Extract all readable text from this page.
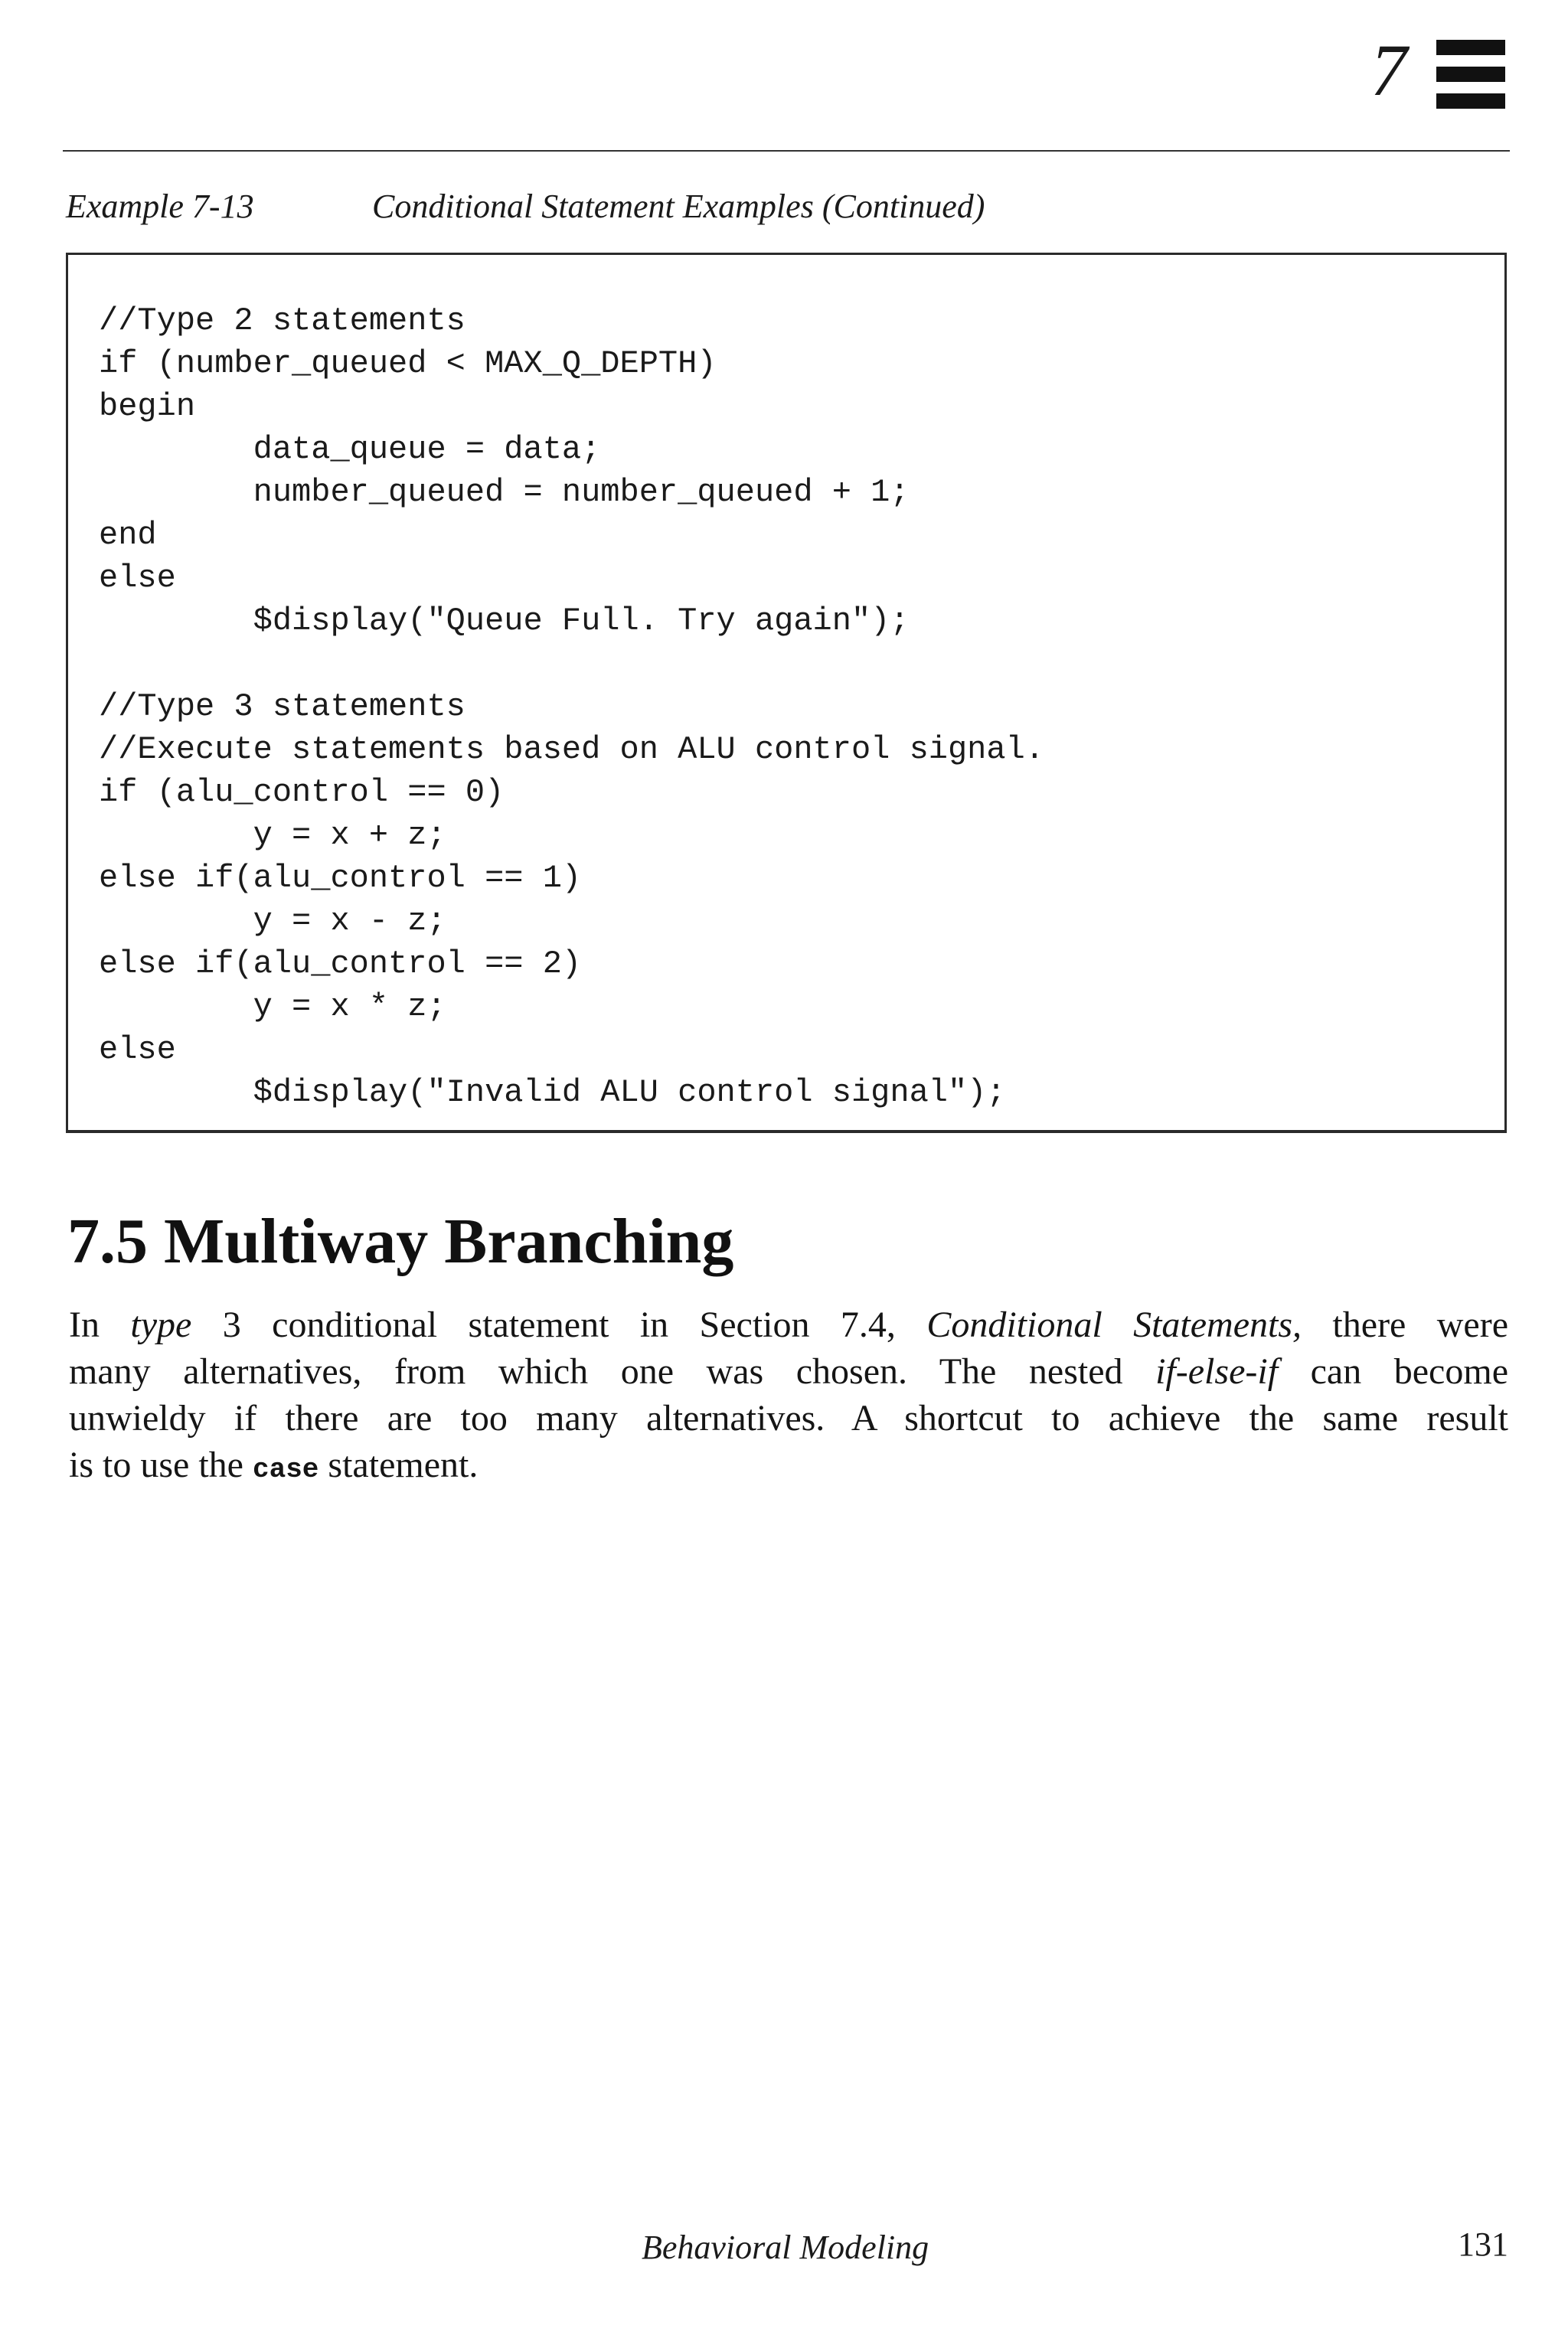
7
Example 7-13	Conditional Statement Examples (Continued)
//Type 2 statements
if (number_queued < MAX_Q_DEPTH)
begin
data_queue = data;
number_queued = number_queued + 1;
end
else
$display("Queue Full. Try again");
//Type 3 statements
//Execute statements based on ALU control signal.
if (alu_control == 0)
y = x + z;
else if(alu_control == 1)
y = x - z;
else if(alu_control == 2)
y = x * z;
else
$display("Invalid ALU control signal");
7.5 Multiway Branching
In type 3 conditional statement in Section 7.4, Conditional Statements, there were
many alternatives, from which one was chosen. The nested if-else-if can become
unwieldy if there are too many alternatives. A shortcut to achieve the same result
is to use the case statement.
Behavioral Modeling	131
